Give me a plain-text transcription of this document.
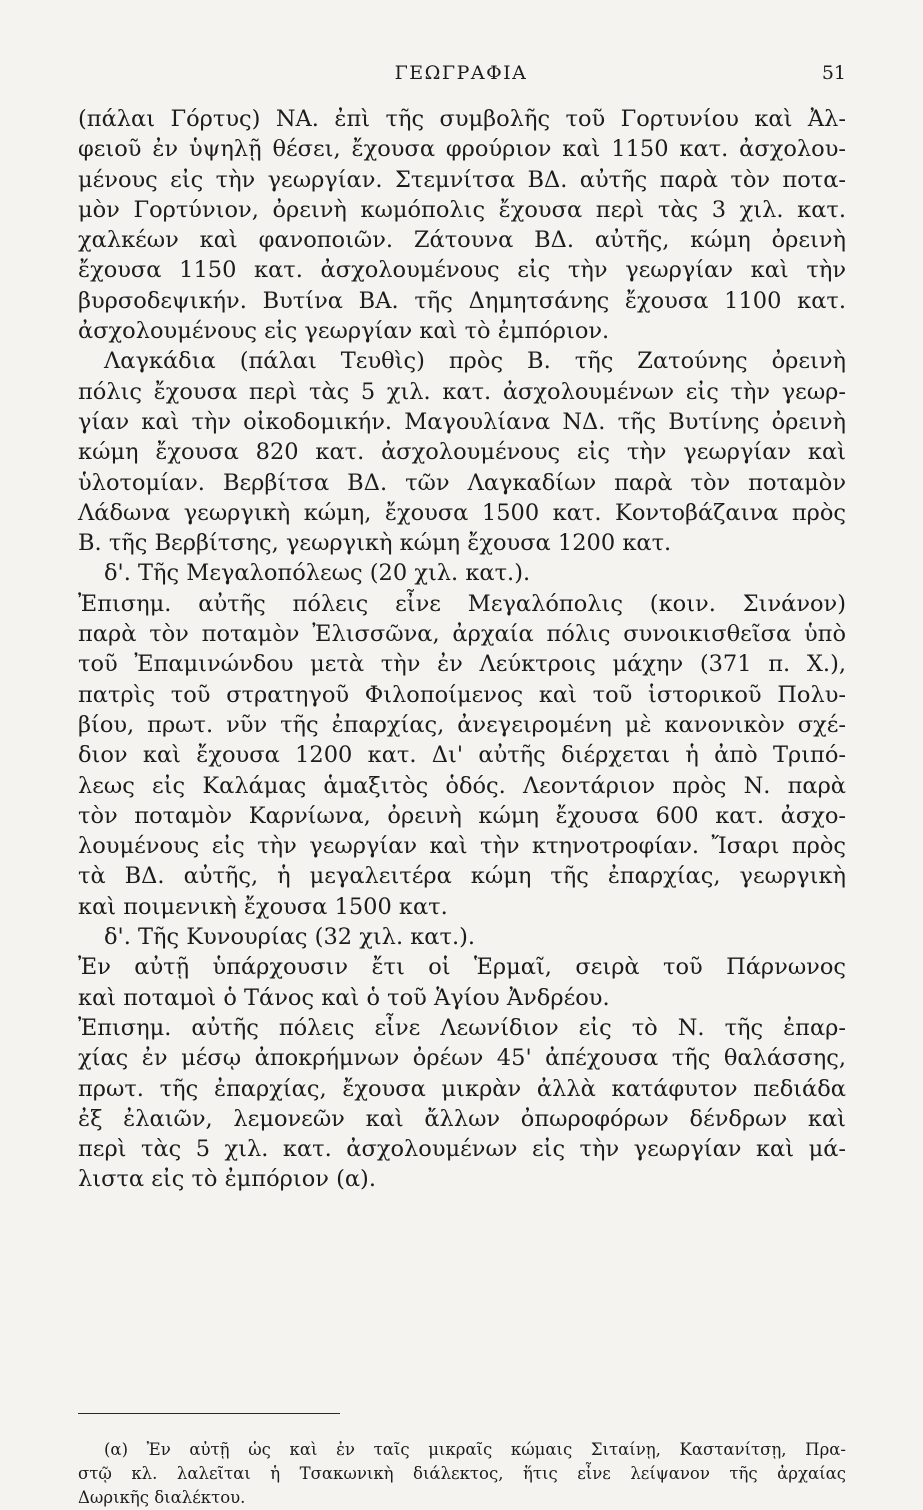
ΓΕΩΓΡΑΦΙΑ	51
(πάλαι Γόρτυς) ΝΑ. ἐπὶ τῆς συμβολῆς τοῦ Γορτυνίου καὶ Ἀλ-
φειοῦ ἐν ὑψηλῇ θέσει, ἔχουσα φρούριον καὶ 1150 κατ. ἀσχολου-
μένους εἰς τὴν γεωργίαν. Στεμνίτσα ΒΔ. αὐτῆς παρὰ τὸν ποτα-
μὸν Γορτύνιον, ὀρεινὴ κωμόπολις ἔχουσα περὶ τὰς 3 χιλ. κατ.
χαλκέων καὶ φανοποιῶν. Ζάτουνα ΒΔ. αὐτῆς, κώμη ὀρεινὴ
ἔχουσα 1150 κατ. ἀσχολουμένους εἰς τὴν γεωργίαν καὶ τὴν
βυρσοδεψικήν. Βυτίνα ΒΑ. τῆς Δημητσάνης ἔχουσα 1100 κατ.
ἀσχολουμένους εἰς γεωργίαν καὶ τὸ ἐμπόριον.
Λαγκάδια (πάλαι Τευθὶς) πρὸς Β. τῆς Ζατούνης ὀρεινὴ
πόλις ἔχουσα περὶ τὰς 5 χιλ. κατ. ἀσχολουμένων εἰς τὴν γεωρ-
γίαν καὶ τὴν οἰκοδομικήν. Μαγουλίανα ΝΔ. τῆς Βυτίνης ὀρεινὴ
κώμη ἔχουσα 820 κατ. ἀσχολουμένους εἰς τὴν γεωργίαν καὶ
ὑλοτομίαν. Βερβίτσα ΒΔ. τῶν Λαγκαδίων παρὰ τὸν ποταμὸν
Λάδωνα γεωργικὴ κώμη, ἔχουσα 1500 κατ. Κοντοβάζαινα πρὸς
Β. τῆς Βερβίτσης, γεωργικὴ κώμη ἔχουσα 1200 κατ.
δ'. Τῆς Μεγαλοπόλεως (20 χιλ. κατ.).
Ἐπισημ. αὐτῆς πόλεις εἶνε Μεγαλόπολις (κοιν. Σινάνον)
παρὰ τὸν ποταμὸν Ἐλισσῶνα, ἀρχαία πόλις συνοικισθεῖσα ὑπὸ
τοῦ Ἐπαμινώνδου μετὰ τὴν ἐν Λεύκτροις μάχην (371 π. Χ.),
πατρὶς τοῦ στρατηγοῦ Φιλοποίμενος καὶ τοῦ ἱστορικοῦ Πολυ-
βίου, πρωτ. νῦν τῆς ἐπαρχίας, ἀνεγειρομένη μὲ κανονικὸν σχέ-
διον καὶ ἔχουσα 1200 κατ. Δι' αὐτῆς διέρχεται ἡ ἀπὸ Τριπό-
λεως εἰς Καλάμας ἁμαξιτὸς ὁδός. Λεοντάριον πρὸς Ν. παρὰ
τὸν ποταμὸν Καρνίωνα, ὀρεινὴ κώμη ἔχουσα 600 κατ. ἀσχο-
λουμένους εἰς τὴν γεωργίαν καὶ τὴν κτηνοτροφίαν. Ἴσαρι πρὸς
τὰ ΒΔ. αὐτῆς, ἡ μεγαλειτέρα κώμη τῆς ἐπαρχίας, γεωργικὴ
καὶ ποιμενικὴ ἔχουσα 1500 κατ.
δ'. Τῆς Κυνουρίας (32 χιλ. κατ.).
Ἐν αὐτῇ ὑπάρχουσιν ἔτι οἱ Ἑρμαῖ, σειρὰ τοῦ Πάρνωνος
καὶ ποταμοὶ ὁ Τάνος καὶ ὁ τοῦ Ἁγίου Ἀνδρέου.
Ἐπισημ. αὐτῆς πόλεις εἶνε Λεωνίδιον εἰς τὸ Ν. τῆς ἐπαρ-
χίας ἐν μέσῳ ἀποκρήμνων ὀρέων 45' ἀπέχουσα τῆς θαλάσσης,
πρωτ. τῆς ἐπαρχίας, ἔχουσα μικρὰν ἀλλὰ κατάφυτον πεδιάδα
ἐξ ἐλαιῶν, λεμονεῶν καὶ ἄλλων ὀπωροφόρων δένδρων καὶ
περὶ τὰς 5 χιλ. κατ. ἀσχολουμένων εἰς τὴν γεωργίαν καὶ μά-
λιστα εἰς τὸ ἐμπόριον (α).
(α) Ἐν αὐτῇ ὡς καὶ ἐν ταῖς μικραῖς κώμαις Σιταίνῃ, Καστανίτσῃ, Πρα-
στῷ κλ. λαλεῖται ἡ Τσακωνικὴ διάλεκτος, ἥτις εἶνε λείψανον τῆς ἀρχαίας
Δωρικῆς διαλέκτου.
